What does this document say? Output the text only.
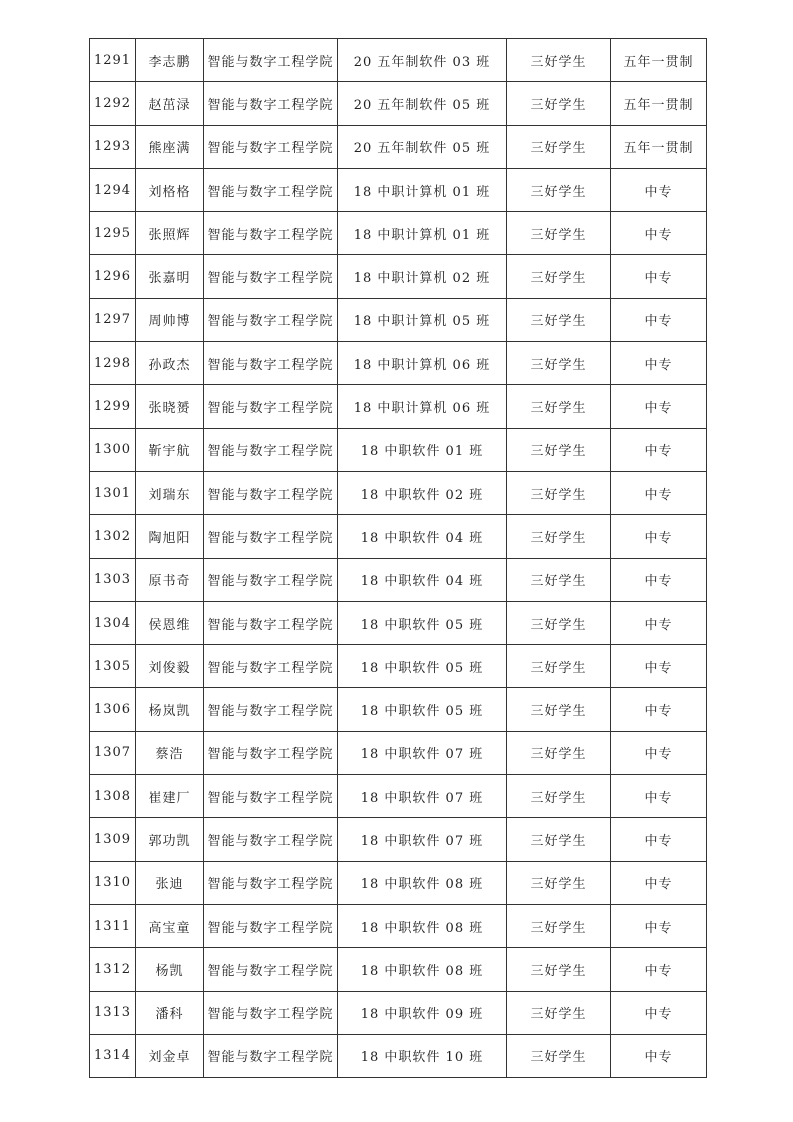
1291	李志鹏	智能与数字工程学院	20 五年制软件 03 班	三好学生	五年一贯制
1292	赵茁渌	智能与数字工程学院	20 五年制软件 05 班	三好学生	五年一贯制
1293	熊座满	智能与数字工程学院	20 五年制软件 05 班	三好学生	五年一贯制
1294	刘格格	智能与数字工程学院	18 中职计算机 01 班	三好学生	中专
1295	张照辉	智能与数字工程学院	18 中职计算机 01 班	三好学生	中专
1296	张嘉明	智能与数字工程学院	18 中职计算机 02 班	三好学生	中专
1297	周帅博	智能与数字工程学院	18 中职计算机 05 班	三好学生	中专
1298	孙政杰	智能与数字工程学院	18 中职计算机 06 班	三好学生	中专
1299	张晓赟	智能与数字工程学院	18 中职计算机 06 班	三好学生	中专
1300	靳宇航	智能与数字工程学院	18 中职软件 01 班	三好学生	中专
1301	刘瑞东	智能与数字工程学院	18 中职软件 02 班	三好学生	中专
1302	陶旭阳	智能与数字工程学院	18 中职软件 04 班	三好学生	中专
1303	原书奇	智能与数字工程学院	18 中职软件 04 班	三好学生	中专
1304	侯恩维	智能与数字工程学院	18 中职软件 05 班	三好学生	中专
1305	刘俊毅	智能与数字工程学院	18 中职软件 05 班	三好学生	中专
1306	杨岚凯	智能与数字工程学院	18 中职软件 05 班	三好学生	中专
1307	蔡浩	智能与数字工程学院	18 中职软件 07 班	三好学生	中专
1308	崔建厂	智能与数字工程学院	18 中职软件 07 班	三好学生	中专
1309	郭功凯	智能与数字工程学院	18 中职软件 07 班	三好学生	中专
1310	张迪	智能与数字工程学院	18 中职软件 08 班	三好学生	中专
1311	高宝童	智能与数字工程学院	18 中职软件 08 班	三好学生	中专
1312	杨凯	智能与数字工程学院	18 中职软件 08 班	三好学生	中专
1313	潘科	智能与数字工程学院	18 中职软件 09 班	三好学生	中专
1314	刘金卓	智能与数字工程学院	18 中职软件 10 班	三好学生	中专
